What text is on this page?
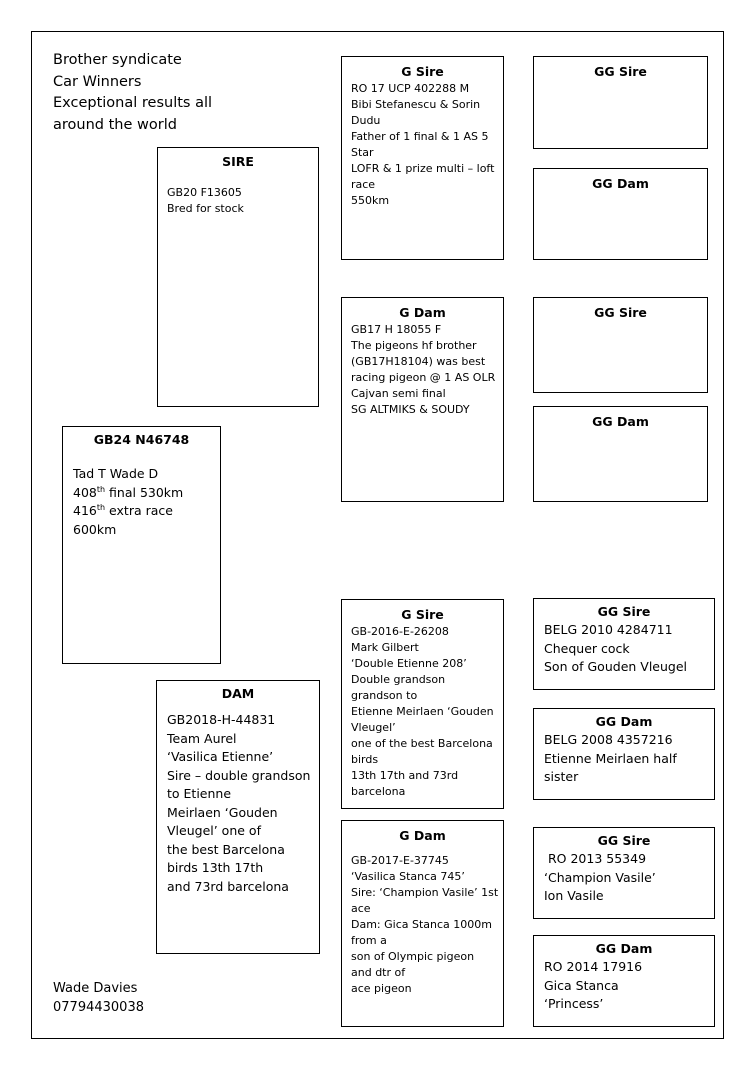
Brother syndicate
Car Winners
Exceptional results all
around the world
GB24 N46748
Tad T Wade D
408th final 530km
416th extra race
600km
SIRE
GB20 F13605
Bred for stock
DAM
GB2018-H-44831
Team Aurel
‘Vasilica Etienne’
Sire – double grandson
to Etienne
Meirlaen ‘Gouden
Vleugel’ one of
the best Barcelona
birds 13th 17th
and 73rd barcelona
G Sire
RO 17 UCP 402288 M
Bibi Stefanescu & Sorin
Dudu
Father of 1 final & 1 AS 5
Star
LOFR & 1 prize multi – loft
race
550km
G Dam
GB17 H 18055 F
The pigeons hf brother
(GB17H18104) was best
racing pigeon @ 1 AS OLR
Cajvan semi final
SG ALTMIKS & SOUDY
G Sire
GB-2016-E-26208
Mark Gilbert
‘Double Etienne 208’
Double grandson
grandson to
Etienne Meirlaen ‘Gouden
Vleugel’
one of the best Barcelona
birds
13th 17th and 73rd
barcelona
G Dam
GB-2017-E-37745
‘Vasilica Stanca 745’
Sire: ‘Champion Vasile’ 1st
ace
Dam: Gica Stanca 1000m
from a
son of Olympic pigeon
and dtr of
ace pigeon
GG Sire
GG Dam
GG Sire
GG Dam
GG Sire
BELG 2010 4284711
Chequer cock
Son of Gouden Vleugel
GG Dam
BELG 2008 4357216
Etienne Meirlaen half
sister
GG Sire
RO 2013 55349
‘Champion Vasile’
Ion Vasile
GG Dam
RO 2014 17916
Gica Stanca
‘Princess’
Wade Davies
07794430038
